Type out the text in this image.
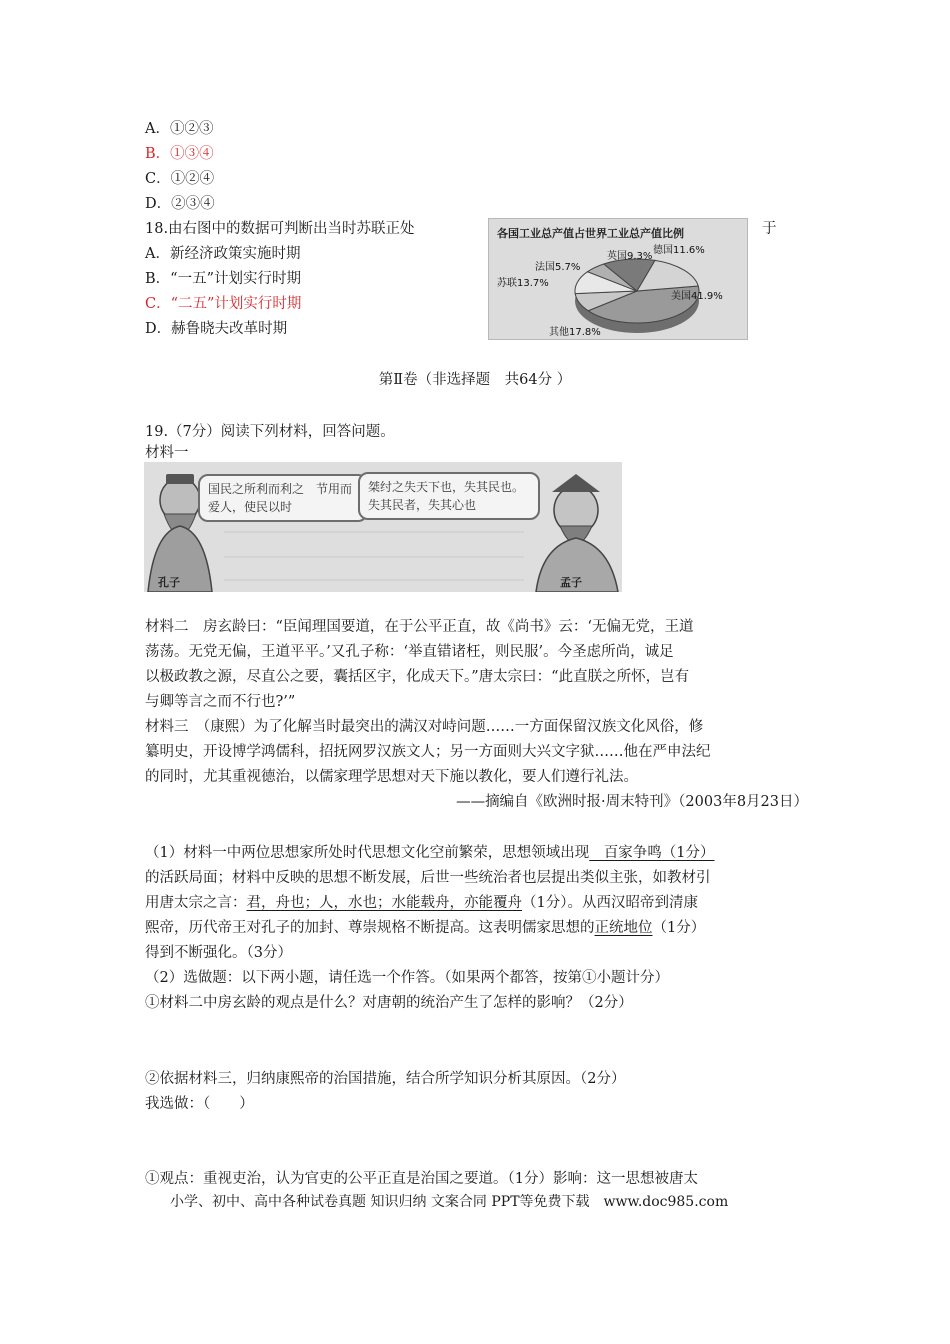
A．①②③
B．①③④
C．①②④
D．②③④
18.由右图中的数据可判断出当时苏联正处	于
A．新经济政策实施时期
B．“一五”计划实行时期
C．“二五”计划实行时期
D．赫鲁晓夫改革时期
各国工业总产值占世界工业总产值比例
美国41.9%
英国9.3%
德国11.6%
法国5.7%
苏联13.7%
其他17.8%
第Ⅱ卷（非选择题　共64分 ）
19.（7分）阅读下列材料，回答问题。
材料一
国民之所利而利之　节用而爱人，使民以时
桀纣之失天下也，失其民也。失其民者，失其心也
孔子	孟子
材料二　房玄龄曰：“臣闻理国要道，在于公平正直，故《尚书》云：‘无偏无党，王道
荡荡。无党无偏，王道平平。’又孔子称：‘举直错诸枉，则民服’。今圣虑所尚，诚足
以极政教之源，尽直公之要，囊括区宇，化成天下。”唐太宗曰：“此直朕之所怀，岂有
与卿等言之而不行也?’”
材料三　（康熙）为了化解当时最突出的满汉对峙问题……一方面保留汉族文化风俗，修
纂明史，开设博学鸿儒科，招抚网罗汉族文人；另一方面则大兴文字狱……他在严申法纪
的同时，尤其重视德治，以儒家理学思想对天下施以教化，要人们遵行礼法。
——摘编自《欧洲时报·周末特刊》（2003年8月23日）
（1）材料一中两位思想家所处时代思想文化空前繁荣，思想领域出现　百家争鸣（1分）
的活跃局面；材料中反映的思想不断发展，后世一些统治者也层提出类似主张，如教材引
用唐太宗之言：君，舟也；人，水也；水能载舟，亦能覆舟（1分）。从西汉昭帝到清康
熙帝，历代帝王对孔子的加封、尊崇规格不断提高。这表明儒家思想的正统地位（1分）
得到不断强化。（3分）
（2）选做题：以下两小题，请任选一个作答。（如果两个都答，按第①小题计分）
①材料二中房玄龄的观点是什么？对唐朝的统治产生了怎样的影响？（2分）
②依据材料三，归纳康熙帝的治国措施，结合所学知识分析其原因。（2分）
我选做：（　　）
①观点：重视吏治，认为官吏的公平正直是治国之要道。（1分）影响：这一思想被唐太
小学、初中、高中各种试卷真题 知识归纳 文案合同 PPT等免费下载　www.doc985.com
